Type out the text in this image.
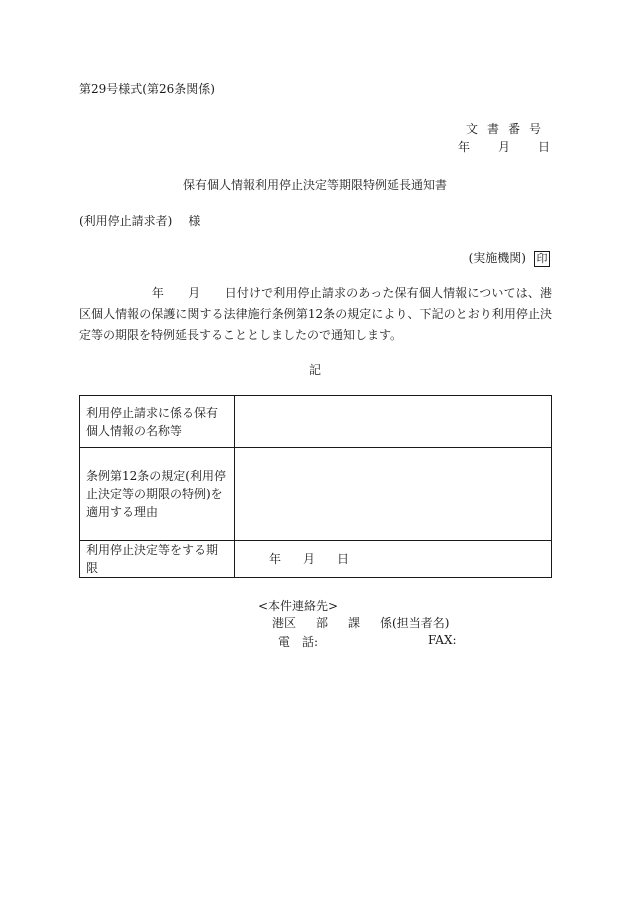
第29号様式(第26条関係)
文書番号
年 月 日
保有個人情報利用停止決定等期限特例延長通知書
(利用停止請求者) 様
(実施機関) 印
　　　　　　年　　月　　日付けで利用停止請求のあった保有個人情報については、港区個人情報の保護に関する法律施行条例第12条の規定により、下記のとおり利用停止決定等の期限を特例延長することとしましたので通知します。
記
利用停止請求に係る保有個人情報の名称等	
条例第12条の規定(利用停止決定等の期限の特例)を適用する理由	
利用停止決定等をする期限	年 月 日
<本件連絡先>
港区 部 課 係(担当者名)
電　話:	FAX:
